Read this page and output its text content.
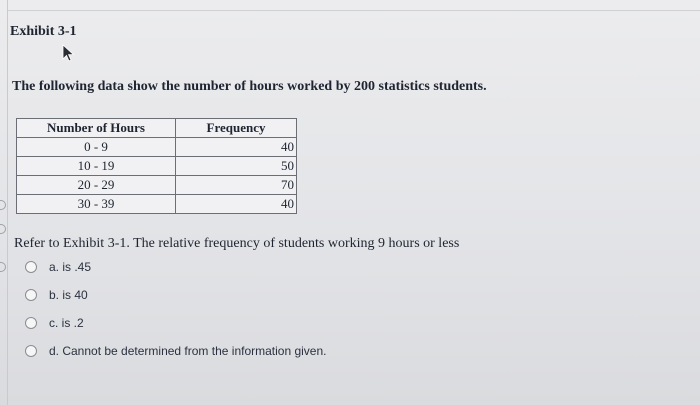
Exhibit 3-1
The following data show the number of hours worked by 200 statistics students.
Number of Hours	Frequency
0 - 9	40
10 - 19	50
20 - 29	70
30 - 39	40
Refer to Exhibit 3-1. The relative frequency of students working 9 hours or less
a. is .45
b. is 40
c. is .2
d. Cannot be determined from the information given.
